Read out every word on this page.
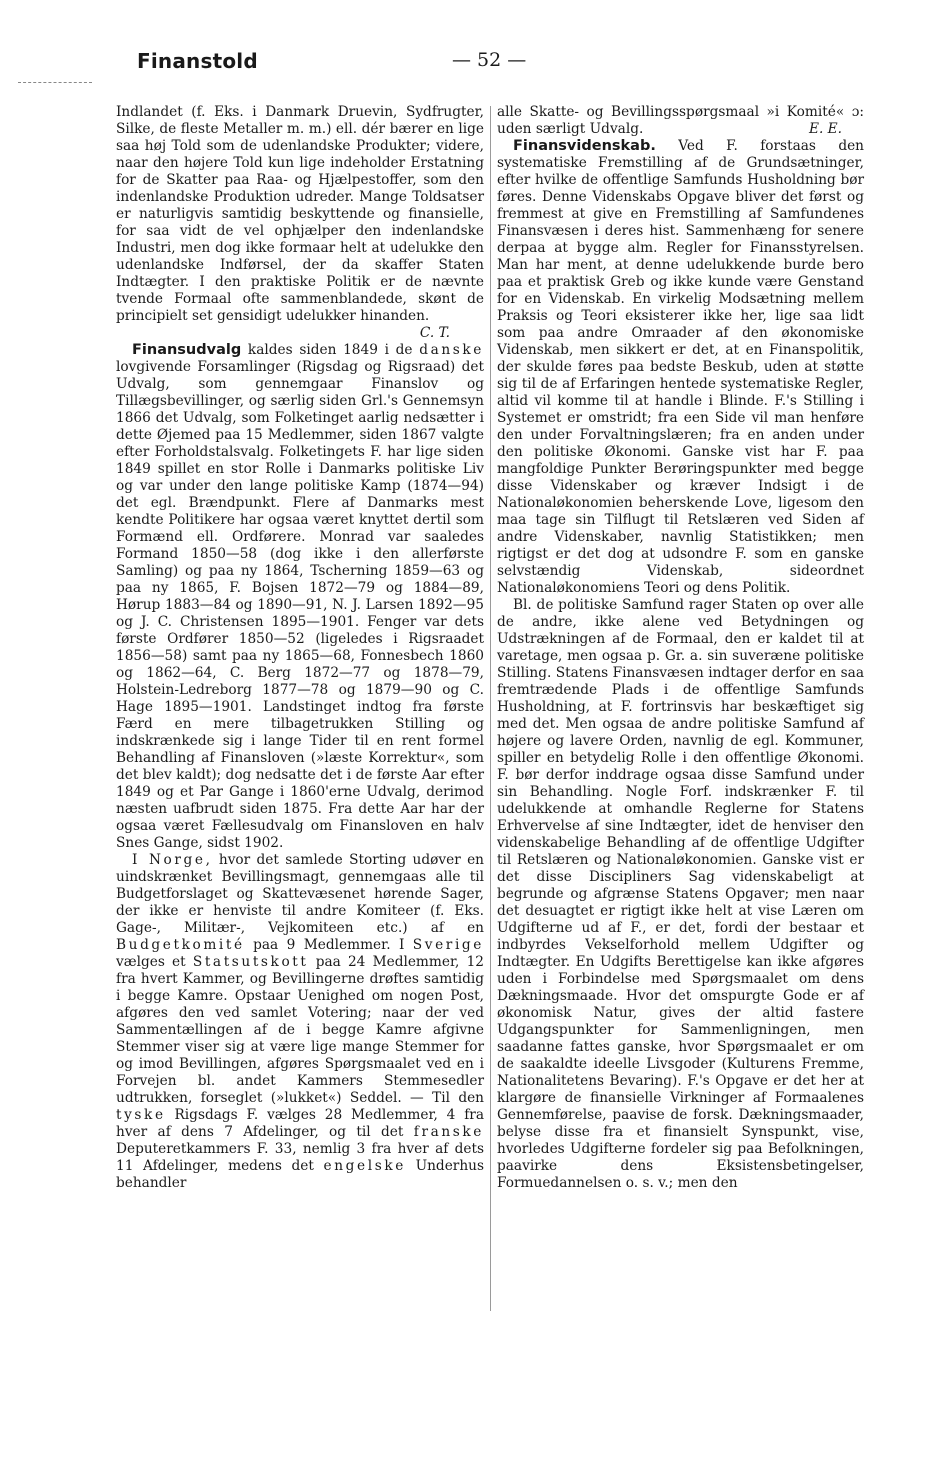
Finanstold	— 52 —

Indlandet (f. Eks. i Danmark Druevin, Sydfrugter, Silke, de fleste Metaller m. m.) ell. dér bærer en lige saa høj Told som de udenlandske Produkter; videre, naar den højere Told kun lige indeholder Erstatning for de Skatter paa Raa- og Hjælpestoffer, som den indenlandske Produktion udreder. Mange Toldsatser er naturligvis samtidig beskyttende og finansielle, for saa vidt de vel ophjælper den indenlandske Industri, men dog ikke formaar helt at udelukke den udenlandske Indførsel, der da skaffer Staten Indtægter. I den praktiske Politik er de nævnte tvende Formaal ofte sammenblandede, skønt de principielt set gensidigt udelukker hinanden.
C. T.

Finansudvalg kaldes siden 1849 i de danske lovgivende Forsamlinger (Rigsdag og Rigsraad) det Udvalg, som gennemgaar Finanslov og Tillægsbevillinger, og særlig siden Grl.'s Gennemsyn 1866 det Udvalg, som Folketinget aarlig nedsætter i dette Øjemed paa 15 Medlemmer, siden 1867 valgte efter Forholdstalsvalg. Folketingets F. har lige siden 1849 spillet en stor Rolle i Danmarks politiske Liv og var under den lange politiske Kamp (1874—94) det egl. Brændpunkt. Flere af Danmarks mest kendte Politikere har ogsaa været knyttet dertil som Formænd ell. Ordførere. Monrad var saaledes Formand 1850—58 (dog ikke i den allerførste Samling) og paa ny 1864, Tscherning 1859—63 og paa ny 1865, F. Bojsen 1872—79 og 1884—89, Hørup 1883—84 og 1890—91, N. J. Larsen 1892—95 og J. C. Christensen 1895—1901. Fenger var dets første Ordfører 1850—52 (ligeledes i Rigsraadet 1856—58) samt paa ny 1865—68, Fonnesbech 1860 og 1862—64, C. Berg 1872—77 og 1878—79, Holstein-Ledreborg 1877—78 og 1879—90 og C. Hage 1895—1901. Landstinget indtog fra første Færd en mere tilbagetrukken Stilling og indskrænkede sig i lange Tider til en rent formel Behandling af Finansloven (»læste Korrektur«, som det blev kaldt); dog nedsatte det i de første Aar efter 1849 og et Par Gange i 1860'erne Udvalg, derimod næsten uafbrudt siden 1875. Fra dette Aar har der ogsaa været Fællesudvalg om Finansloven en halv Snes Gange, sidst 1902.

I Norge, hvor det samlede Storting udøver en uindskrænket Bevillingsmagt, gennemgaas alle til Budgetforslaget og Skattevæsenet hørende Sager, der ikke er henviste til andre Komiteer (f. Eks. Gage-, Militær-, Vejkomiteen etc.) af en Budgetkomité paa 9 Medlemmer. I Sverige vælges et Statsutskott paa 24 Medlemmer, 12 fra hvert Kammer, og Bevillingerne drøftes samtidig i begge Kamre. Opstaar Uenighed om nogen Post, afgøres den ved samlet Votering; naar der ved Sammentællingen af de i begge Kamre afgivne Stemmer viser sig at være lige mange Stemmer for og imod Bevillingen, afgøres Spørgsmaalet ved en i Forvejen bl. andet Kammers Stemmesedler udtrukken, forseglet (»lukket«) Seddel. — Til den tyske Rigsdags F. vælges 28 Medlemmer, 4 fra hver af dens 7 Afdelinger, og til det franske Deputeretkammers F. 33, nemlig 3 fra hver af dets 11 Afdelinger, medens det engelske Underhus behandler

alle Skatte- og Bevillingsspørgsmaal »i Komité« ɔ: uden særligt Udvalg.	E. E.

Finansvidenskab. Ved F. forstaas den systematiske Fremstilling af de Grundsætninger, efter hvilke de offentlige Samfunds Husholdning bør føres. Denne Videnskabs Opgave bliver det først og fremmest at give en Fremstilling af Samfundenes Finansvæsen i deres hist. Sammenhæng for senere derpaa at bygge alm. Regler for Finansstyrelsen. Man har ment, at denne udelukkende burde bero paa et praktisk Greb og ikke kunde være Genstand for en Videnskab. En virkelig Modsætning mellem Praksis og Teori eksisterer ikke her, lige saa lidt som paa andre Omraader af den økonomiske Videnskab, men sikkert er det, at en Finanspolitik, der skulde føres paa bedste Beskub, uden at støtte sig til de af Erfaringen hentede systematiske Regler, altid vil komme til at handle i Blinde. F.'s Stilling i Systemet er omstridt; fra een Side vil man henføre den under Forvaltningslæren; fra en anden under den politiske Økonomi. Ganske vist har F. paa mangfoldige Punkter Berøringspunkter med begge disse Videnskaber og kræver Indsigt i de Nationaløkonomien beherskende Love, ligesom den maa tage sin Tilflugt til Retslæren ved Siden af andre Videnskaber, navnlig Statistikken; men rigtigst er det dog at udsondre F. som en ganske selvstændig Videnskab, sideordnet Nationaløkonomiens Teori og dens Politik.

Bl. de politiske Samfund rager Staten op over alle de andre, ikke alene ved Betydningen og Udstrækningen af de Formaal, den er kaldet til at varetage, men ogsaa p. Gr. a. sin suveræne politiske Stilling. Statens Finansvæsen indtager derfor en saa fremtrædende Plads i de offentlige Samfunds Husholdning, at F. fortrinsvis har beskæftiget sig med det. Men ogsaa de andre politiske Samfund af højere og lavere Orden, navnlig de egl. Kommuner, spiller en betydelig Rolle i den offentlige Økonomi. F. bør derfor inddrage ogsaa disse Samfund under sin Behandling. Nogle Forf. indskrænker F. til udelukkende at omhandle Reglerne for Statens Erhvervelse af sine Indtægter, idet de henviser den videnskabelige Behandling af de offentlige Udgifter til Retslæren og Nationaløkonomien. Ganske vist er det disse Discipliners Sag videnskabeligt at begrunde og afgrænse Statens Opgaver; men naar det desuagtet er rigtigt ikke helt at vise Læren om Udgifterne ud af F., er det, fordi der bestaar et indbyrdes Vekselforhold mellem Udgifter og Indtægter. En Udgifts Berettigelse kan ikke afgøres uden i Forbindelse med Spørgsmaalet om dens Dækningsmaade. Hvor det omspurgte Gode er af økonomisk Natur, gives der altid fastere Udgangspunkter for Sammenligningen, men saadanne fattes ganske, hvor Spørgsmaalet er om de saakaldte ideelle Livsgoder (Kulturens Fremme, Nationalitetens Bevaring). F.'s Opgave er det her at klargøre de finansielle Virkninger af Formaalenes Gennemførelse, paavise de forsk. Dækningsmaader, belyse disse fra et finansielt Synspunkt, vise, hvorledes Udgifterne fordeler sig paa Befolkningen, paavirke dens Eksistensbetingelser, Formuedannelsen o. s. v.; men den
